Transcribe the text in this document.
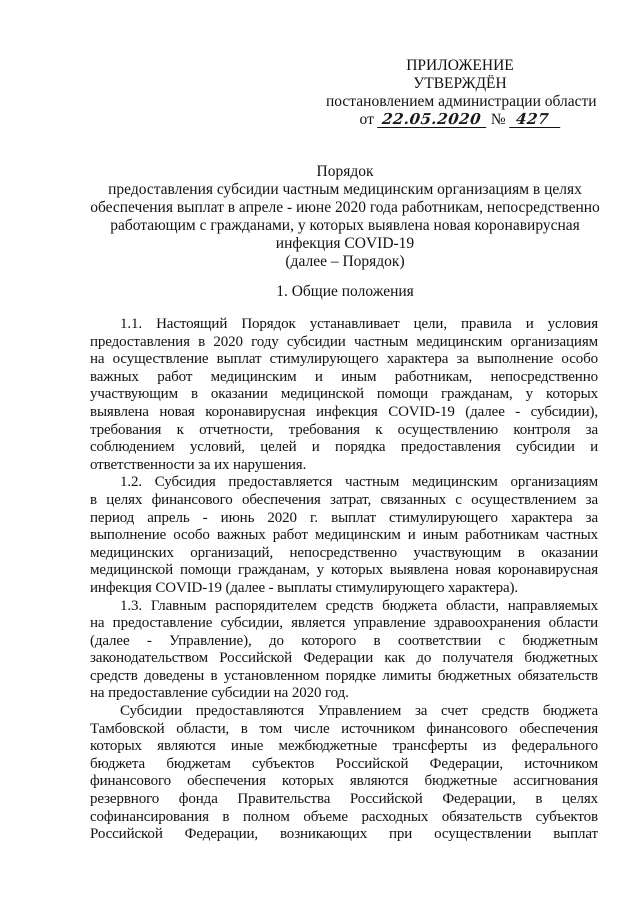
ПРИЛОЖЕНИЕ
УТВЕРЖДЁН
постановлением администрации области
от 22.05.2020 № 427
Порядок
предоставления субсидии частным медицинским организациям в целях
обеспечения выплат в апреле - июне 2020 года работникам, непосредственно
работающим с гражданами, у которых выявлена новая коронавирусная
инфекция COVID-19
(далее – Порядок)
1. Общие положения
1.1. Настоящий Порядок устанавливает цели, правила и условия
предоставления в 2020 году субсидии частным медицинским организациям
на осуществление выплат стимулирующего характера за выполнение особо
важных работ медицинским и иным работникам, непосредственно
участвующим в оказании медицинской помощи гражданам, у которых
выявлена новая коронавирусная инфекция COVID-19 (далее - субсидии),
требования к отчетности, требования к осуществлению контроля за
соблюдением условий, целей и порядка предоставления субсидии и
ответственности за их нарушения.
1.2. Субсидия предоставляется частным медицинским организациям
в целях финансового обеспечения затрат, связанных с осуществлением за
период апрель - июнь 2020 г. выплат стимулирующего характера за
выполнение особо важных работ медицинским и иным работникам частных
медицинских организаций, непосредственно участвующим в оказании
медицинской помощи гражданам, у которых выявлена новая коронавирусная
инфекция COVID-19 (далее - выплаты стимулирующего характера).
1.3. Главным распорядителем средств бюджета области, направляемых
на предоставление субсидии, является управление здравоохранения области
(далее - Управление), до которого в соответствии с бюджетным
законодательством Российской Федерации как до получателя бюджетных
средств доведены в установленном порядке лимиты бюджетных обязательств
на предоставление субсидии на 2020 год.
Субсидии предоставляются Управлением за счет средств бюджета
Тамбовской области, в том числе источником финансового обеспечения
которых являются иные межбюджетные трансферты из федерального
бюджета бюджетам субъектов Российской Федерации, источником
финансового обеспечения которых являются бюджетные ассигнования
резервного фонда Правительства Российской Федерации, в целях
софинансирования в полном объеме расходных обязательств субъектов
Российской Федерации, возникающих при осуществлении выплат
